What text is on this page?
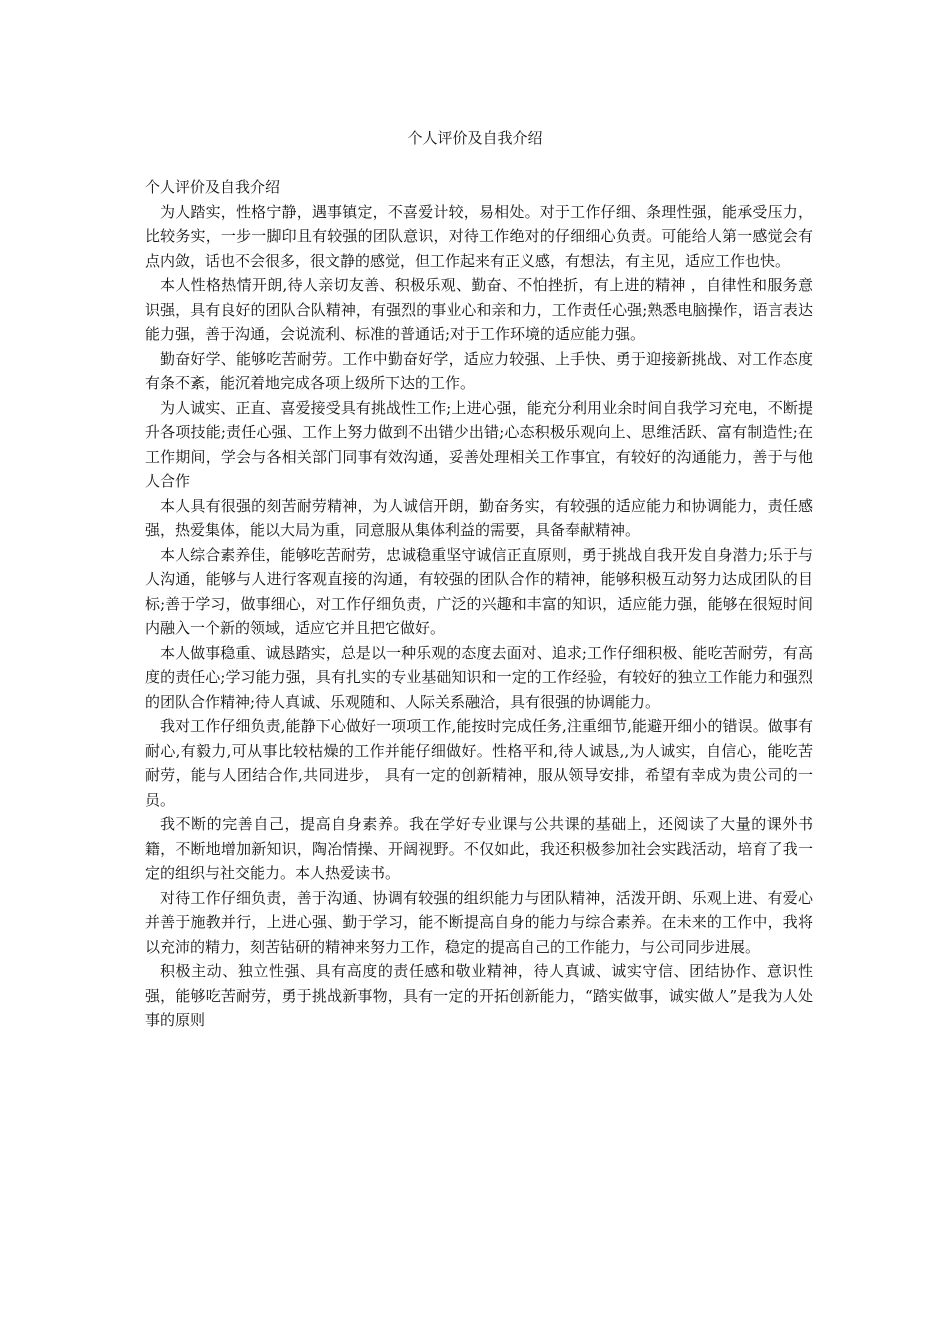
个人评价及自我介绍

个人评价及自我介绍

为人踏实，性格宁静，遇事镇定，不喜爱计较，易相处。对于工作仔细、条理性强，能承受压力，比较务实，一步一脚印且有较强的团队意识，对待工作绝对的仔细细心负责。可能给人第一感觉会有点内敛，话也不会很多，很文静的感觉，但工作起来有正义感，有想法，有主见，适应工作也快。

本人性格热情开朗,待人亲切友善、积极乐观、勤奋、不怕挫折，有上进的精神 ，自律性和服务意识强，具有良好的团队合队精神，有强烈的事业心和亲和力，工作责任心强;熟悉电脑操作，语言表达能力强，善于沟通，会说流利、标准的普通话;对于工作环境的适应能力强。

勤奋好学、能够吃苦耐劳。工作中勤奋好学，适应力较强、上手快、勇于迎接新挑战、对工作态度有条不紊，能沉着地完成各项上级所下达的工作。

为人诚实、正直、喜爱接受具有挑战性工作;上进心强，能充分利用业余时间自我学习充电，不断提升各项技能;责任心强、工作上努力做到不出错少出错;心态积极乐观向上、思维活跃、富有制造性;在工作期间，学会与各相关部门同事有效沟通，妥善处理相关工作事宜，有较好的沟通能力，善于与他人合作

本人具有很强的刻苦耐劳精神，为人诚信开朗，勤奋务实，有较强的适应能力和协调能力，责任感强，热爱集体，能以大局为重，同意服从集体利益的需要，具备奉献精神。

本人综合素养佳，能够吃苦耐劳，忠诚稳重坚守诚信正直原则，勇于挑战自我开发自身潜力;乐于与人沟通，能够与人进行客观直接的沟通，有较强的团队合作的精神，能够积极互动努力达成团队的目标;善于学习，做事细心，对工作仔细负责，广泛的兴趣和丰富的知识，适应能力强，能够在很短时间内融入一个新的领域，适应它并且把它做好。

本人做事稳重、诚恳踏实，总是以一种乐观的态度去面对、追求;工作仔细积极、能吃苦耐劳，有高度的责任心;学习能力强，具有扎实的专业基础知识和一定的工作经验，有较好的独立工作能力和强烈的团队合作精神;待人真诚、乐观随和、人际关系融洽，具有很强的协调能力。

我对工作仔细负责,能静下心做好一项项工作,能按时完成任务,注重细节,能避开细小的错误。做事有耐心,有毅力,可从事比较枯燥的工作并能仔细做好。性格平和,待人诚恳,,为人诚实，自信心，能吃苦耐劳，能与人团结合作,共同进步， 具有一定的创新精神，服从领导安排，希望有幸成为贵公司的一员。

我不断的完善自己，提高自身素养。我在学好专业课与公共课的基础上，还阅读了大量的课外书籍，不断地增加新知识，陶冶情操、开阔视野。不仅如此，我还积极参加社会实践活动，培育了我一定的组织与社交能力。本人热爱读书。

对待工作仔细负责，善于沟通、协调有较强的组织能力与团队精神，活泼开朗、乐观上进、有爱心并善于施教并行，上进心强、勤于学习，能不断提高自身的能力与综合素养。在未来的工作中，我将以充沛的精力，刻苦钻研的精神来努力工作，稳定的提高自己的工作能力，与公司同步进展。

积极主动、独立性强、具有高度的责任感和敬业精神，待人真诚、诚实守信、团结协作、意识性强，能够吃苦耐劳，勇于挑战新事物，具有一定的开拓创新能力，“踏实做事，诚实做人”是我为人处事的原则
